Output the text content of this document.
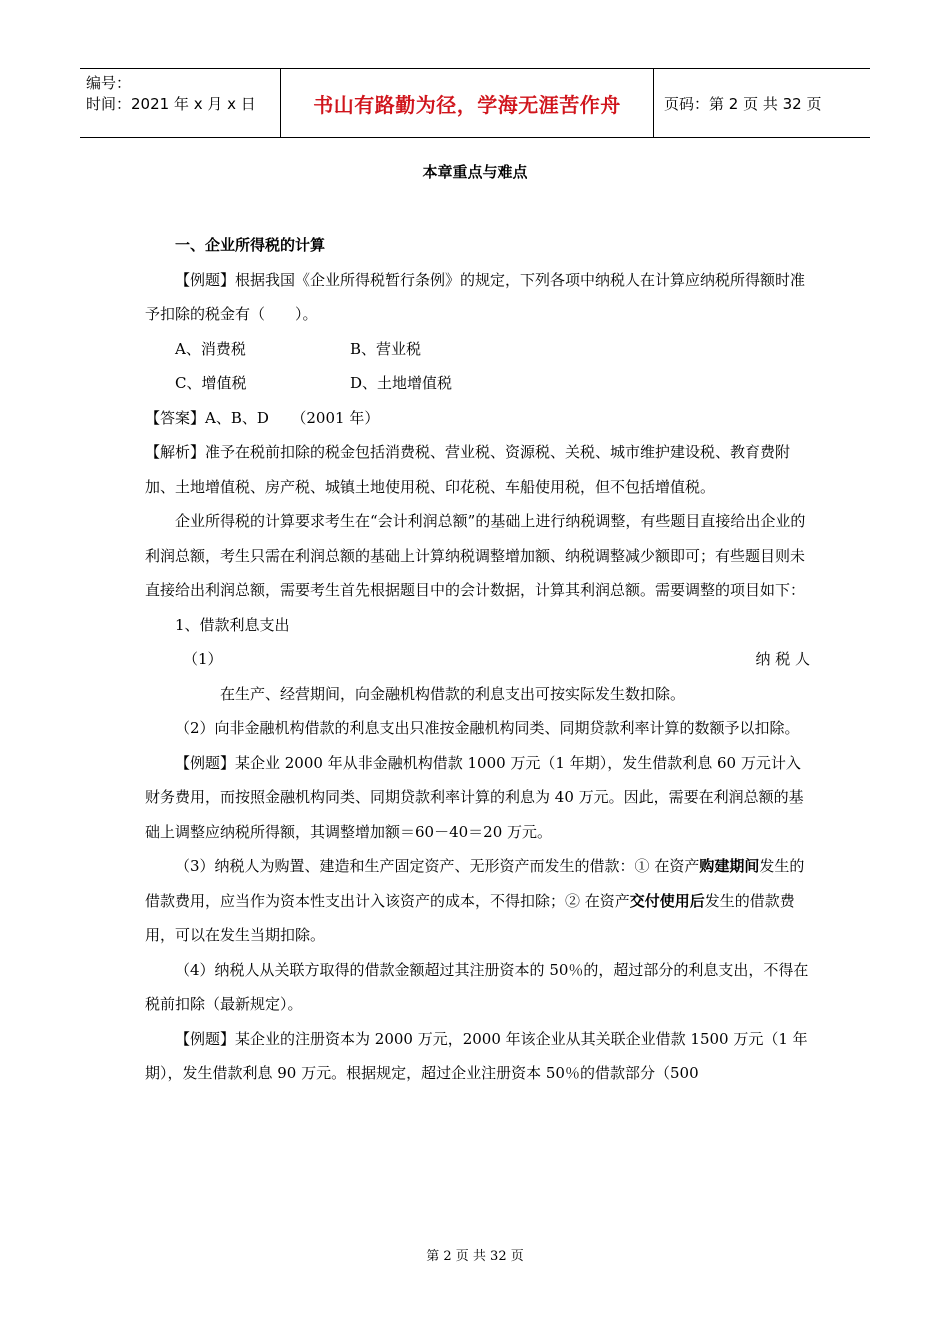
编号：
时间：2021 年 x 月 x 日	书山有路勤为径，学海无涯苦作舟	页码：第 2 页 共 32 页
本章重点与难点

一、企业所得税的计算

【例题】根据我国《企业所得税暂行条例》的规定，下列各项中纳税人在计算应纳税所得额时准予扣除的税金有（　　）。

A、消费税	B、营业税

C、增值税	D、土地增值税

【答案】A、B、D　　（2001 年）

【解析】准予在税前扣除的税金包括消费税、营业税、资源税、关税、城市维护建设税、教育费附加、土地增值税、房产税、城镇土地使用税、印花税、车船使用税，但不包括增值税。

企业所得税的计算要求考生在“会计利润总额”的基础上进行纳税调整，有些题目直接给出企业的利润总额，考生只需在利润总额的基础上计算纳税调整增加额、纳税调整减少额即可；有些题目则未直接给出利润总额，需要考生首先根据题目中的会计数据，计算其利润总额。需要调整的项目如下：

1、借款利息支出

（1）	纳 税 人

在生产、经营期间，向金融机构借款的利息支出可按实际发生数扣除。

（2）向非金融机构借款的利息支出只准按金融机构同类、同期贷款利率计算的数额予以扣除。

【例题】某企业 2000 年从非金融机构借款 1000 万元（1 年期），发生借款利息 60 万元计入财务费用，而按照金融机构同类、同期贷款利率计算的利息为 40 万元。因此，需要在利润总额的基础上调整应纳税所得额，其调整增加额＝60－40＝20 万元。

（3）纳税人为购置、建造和生产固定资产、无形资产而发生的借款：① 在资产购建期间发生的借款费用，应当作为资本性支出计入该资产的成本，不得扣除；② 在资产交付使用后发生的借款费用，可以在发生当期扣除。

（4）纳税人从关联方取得的借款金额超过其注册资本的 50％的，超过部分的利息支出，不得在税前扣除（最新规定）。

【例题】某企业的注册资本为 2000 万元，2000 年该企业从其关联企业借款 1500 万元（1 年期），发生借款利息 90 万元。根据规定，超过企业注册资本 50％的借款部分（500

第 2 页 共 32 页
